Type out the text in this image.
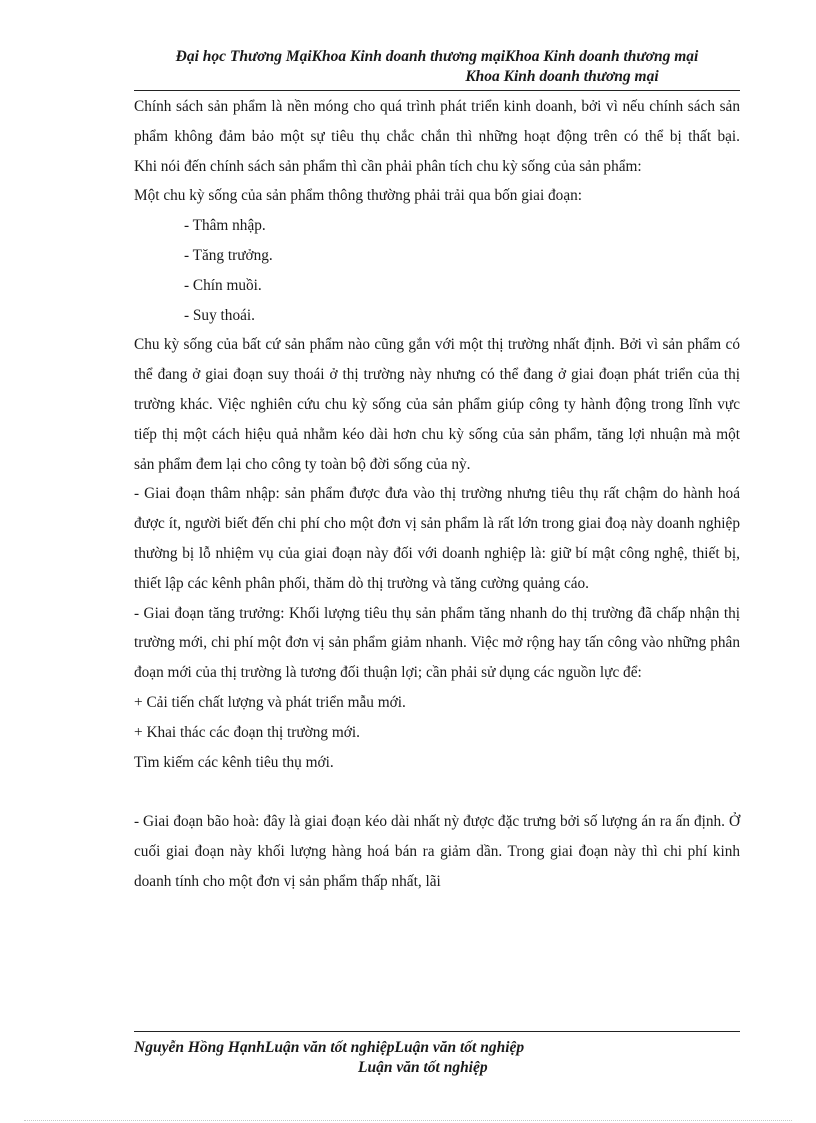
Đại học Thương MạiKhoa Kinh doanh thương mạiKhoa Kinh doanh thương mại
Khoa Kinh doanh thương mại

Chính sách sản phẩm là nền móng cho quá trình phát triển kinh doanh, bởi vì nếu chính sách sản phẩm không đảm bảo một sự tiêu thụ chắc chắn thì những hoạt động trên có thể bị thất bại.

Khi nói đến chính sách sản phẩm thì cần phải phân tích chu kỳ sống của sản phẩm:

Một chu kỳ sống của sản phẩm thông thường phải trải qua bốn giai đoạn:

- Thâm nhập.

- Tăng trưởng.

- Chín muồi.

- Suy thoái.

Chu kỳ sống của bất cứ sản phẩm nào cũng gắn với một thị trường nhất định. Bởi vì sản phẩm có thể đang ở giai đoạn suy thoái ở thị trường này nhưng có thể đang ở giai đoạn phát triển của thị trường khác. Việc nghiên cứu chu kỳ sống của sản phẩm giúp công ty hành động trong lĩnh vực tiếp thị một cách hiệu quả nhằm kéo dài hơn chu kỳ sống của sản phẩm, tăng lợi nhuận mà một sản phẩm đem lại cho công ty toàn bộ đời sống của nỳ.

- Giai đoạn thâm nhập: sản phẩm được đưa vào thị trường nhưng tiêu thụ rất chậm do hành hoá được ít, người biết đến chi phí cho một đơn vị sản phẩm là rất lớn trong giai đoạ này doanh nghiệp thường bị lỗ nhiệm vụ của giai đoạn này đối với doanh nghiệp là: giữ bí mật công nghệ, thiết bị, thiết lập các kênh phân phối, thăm dò thị trường và tăng cường quảng cáo.

- Giai đoạn tăng trưởng: Khối lượng tiêu thụ sản phẩm tăng nhanh do thị trường đã chấp nhận thị trường mới, chi phí một đơn vị sản phẩm giảm nhanh. Việc mở rộng hay tấn công vào những phân đoạn mới của thị trường là tương đối thuận lợi; cần phải sử dụng các nguồn lực để:

+ Cải tiến chất lượng và phát triển mẫu mới.

+ Khai thác các đoạn thị trường mới.

Tìm kiếm các kênh tiêu thụ mới.

- Giai đoạn bão hoà: đây là giai đoạn kéo dài nhất nỳ được đặc trưng bởi số lượng án ra ấn định. Ở cuối giai đoạn này khối lượng hàng hoá bán ra giảm dần. Trong giai đoạn này thì chi phí kinh doanh tính cho một đơn vị sản phẩm thấp nhất, lãi

Nguyễn Hồng HạnhLuận văn tốt nghiệpLuận văn tốt nghiệp
Luận văn tốt nghiệp
